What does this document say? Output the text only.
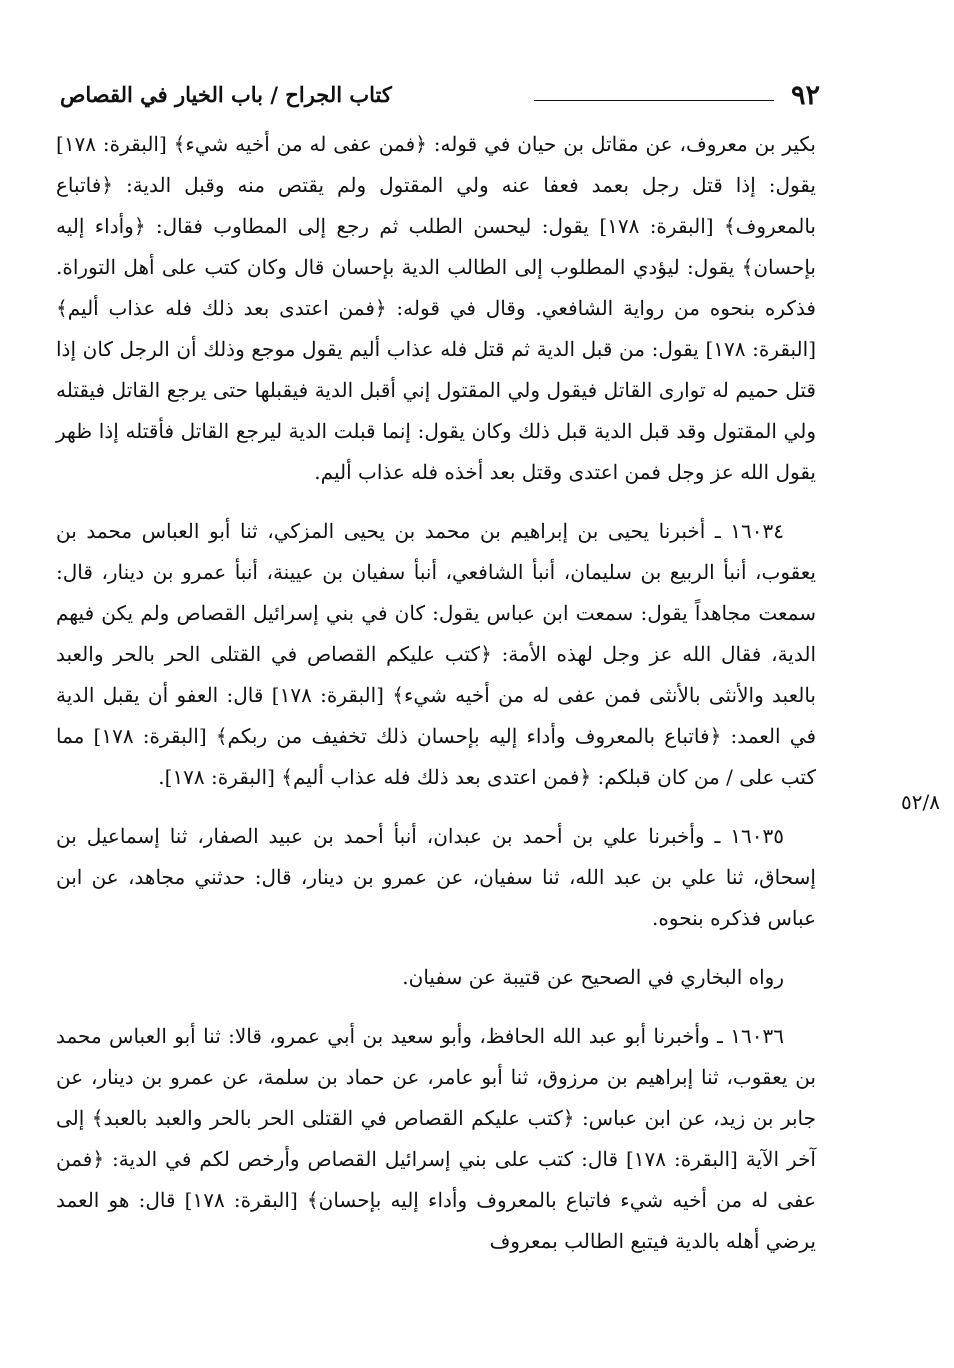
٩٢
كتاب الجراح / باب الخيار في القصاص
٥٢/٨

بكير بن معروف، عن مقاتل بن حيان في قوله: ﴿فمن عفى له من أخيه شيء﴾ [البقرة: ١٧٨] يقول: إذا قتل رجل بعمد فعفا عنه ولي المقتول ولم يقتص منه وقبل الدية: ﴿فاتباع بالمعروف﴾ [البقرة: ١٧٨] يقول: ليحسن الطلب ثم رجع إلى المطاوب فقال: ﴿وأداء إليه بإحسان﴾ يقول: ليؤدي المطلوب إلى الطالب الدية بإحسان قال وكان كتب على أهل التوراة. فذكره بنحوه من رواية الشافعي. وقال في قوله: ﴿فمن اعتدى بعد ذلك فله عذاب أليم﴾ [البقرة: ١٧٨] يقول: من قبل الدية ثم قتل فله عذاب أليم يقول موجع وذلك أن الرجل كان إذا قتل حميم له توارى القاتل فيقول ولي المقتول إني أقبل الدية فيقبلها حتى يرجع القاتل فيقتله ولي المقتول وقد قبل الدية قبل ذلك وكان يقول: إنما قبلت الدية ليرجع القاتل فأقتله إذا ظهر يقول الله عز وجل فمن اعتدى وقتل بعد أخذه فله عذاب أليم.

١٦٠٣٤ ـ أخبرنا يحيى بن إبراهيم بن محمد بن يحيى المزكي، ثنا أبو العباس محمد بن يعقوب، أنبأ الربيع بن سليمان، أنبأ الشافعي، أنبأ سفيان بن عيينة، أنبأ عمرو بن دينار، قال: سمعت مجاهداً يقول: سمعت ابن عباس يقول: كان في بني إسرائيل القصاص ولم يكن فيهم الدية، فقال الله عز وجل لهذه الأمة: ﴿كتب عليكم القصاص في القتلى الحر بالحر والعبد بالعبد والأنثى بالأنثى فمن عفى له من أخيه شيء﴾ [البقرة: ١٧٨] قال: العفو أن يقبل الدية في العمد: ﴿فاتباع بالمعروف وأداء إليه بإحسان ذلك تخفيف من ربكم﴾ [البقرة: ١٧٨] مما كتب على / من كان قبلكم: ﴿فمن اعتدى بعد ذلك فله عذاب أليم﴾ [البقرة: ١٧٨].

١٦٠٣٥ ـ وأخبرنا علي بن أحمد بن عبدان، أنبأ أحمد بن عبيد الصفار، ثنا إسماعيل بن إسحاق، ثنا علي بن عبد الله، ثنا سفيان، عن عمرو بن دينار، قال: حدثني مجاهد، عن ابن عباس فذكره بنحوه.

رواه البخاري في الصحيح عن قتيبة عن سفيان.

١٦٠٣٦ ـ وأخبرنا أبو عبد الله الحافظ، وأبو سعيد بن أبي عمرو، قالا: ثنا أبو العباس محمد بن يعقوب، ثنا إبراهيم بن مرزوق، ثنا أبو عامر، عن حماد بن سلمة، عن عمرو بن دينار، عن جابر بن زيد، عن ابن عباس: ﴿كتب عليكم القصاص في القتلى الحر بالحر والعبد بالعبد﴾ إلى آخر الآية [البقرة: ١٧٨] قال: كتب على بني إسرائيل القصاص وأرخص لكم في الدية: ﴿فمن عفى له من أخيه شيء فاتباع بالمعروف وأداء إليه بإحسان﴾ [البقرة: ١٧٨] قال: هو العمد يرضي أهله بالدية فيتبع الطالب بمعروف
